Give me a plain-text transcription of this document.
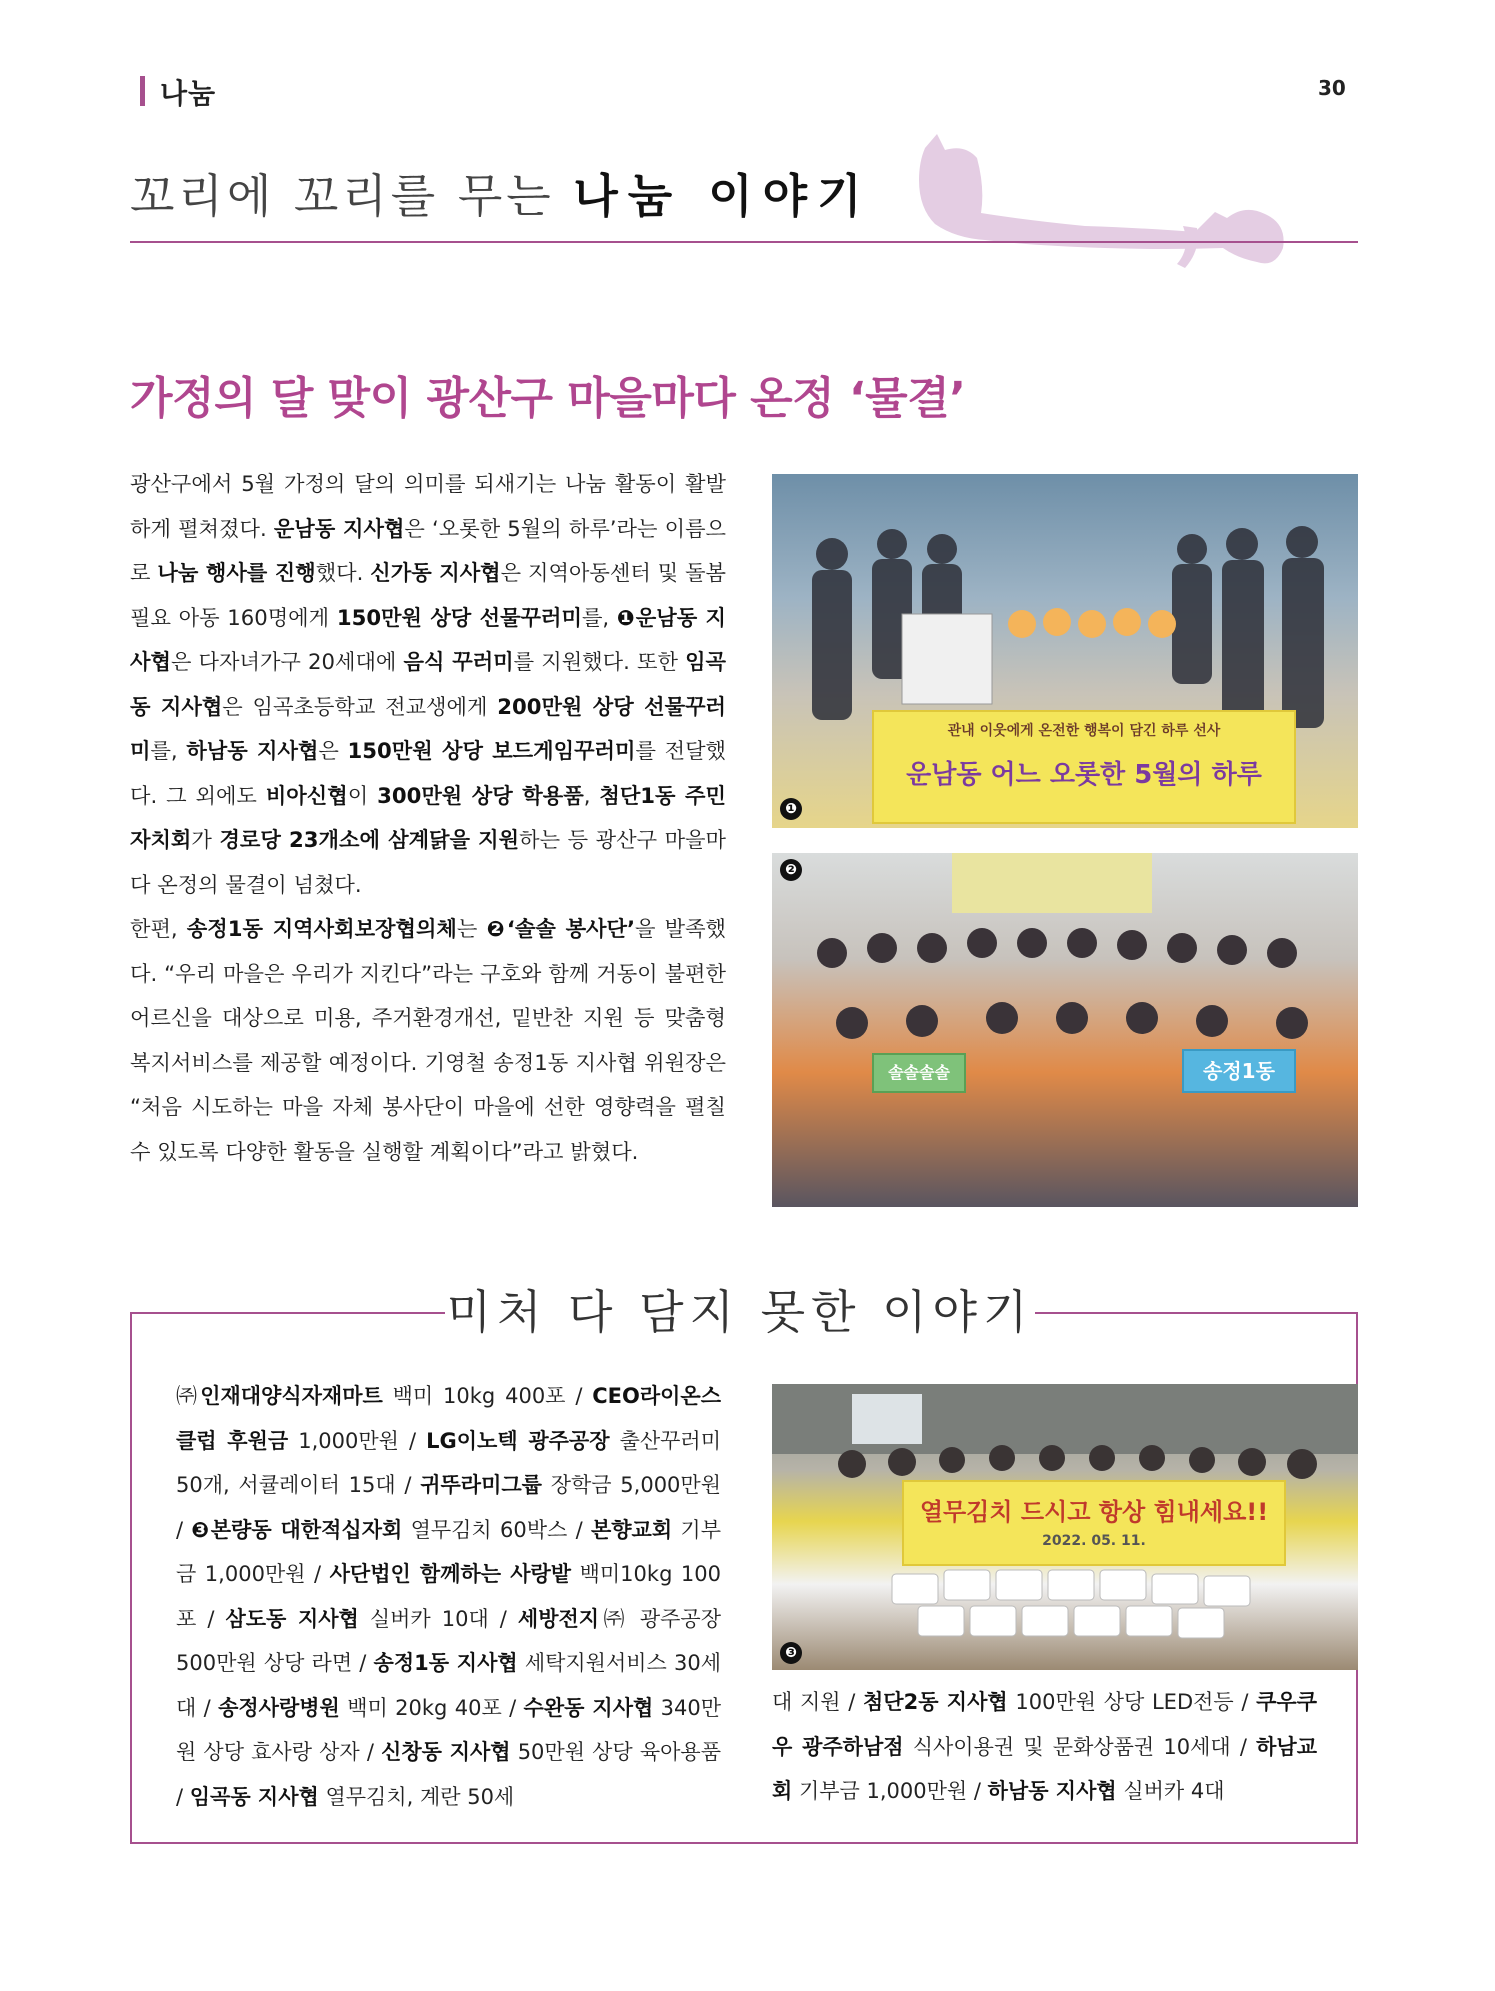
나눔	30
꼬리에 꼬리를 무는 나눔 이야기
가정의 달 맞이 광산구 마을마다 온정 ‘물결’
광산구에서 5월 가정의 달의 의미를 되새기는 나눔 활동이 활발하게 펼쳐졌다. 운남동 지사협은 ‘오롯한 5월의 하루’라는 이름으로 나눔 행사를 진행했다. 신가동 지사협은 지역아동센터 및 돌봄 필요 아동 160명에게 150만원 상당 선물꾸러미를, ❶운남동 지사협은 다자녀가구 20세대에 음식 꾸러미를 지원했다. 또한 임곡동 지사협은 임곡초등학교 전교생에게 200만원 상당 선물꾸러미를, 하남동 지사협은 150만원 상당 보드게임꾸러미를 전달했다. 그 외에도 비아신협이 300만원 상당 학용품, 첨단1동 주민자치회가 경로당 23개소에 삼계닭을 지원하는 등 광산구 마을마다 온정의 물결이 넘쳤다.
한편, 송정1동 지역사회보장협의체는 ❷‘솔솔 봉사단’을 발족했다. “우리 마을은 우리가 지킨다”라는 구호와 함께 거동이 불편한 어르신을 대상으로 미용, 주거환경개선, 밑반찬 지원 등 맞춤형 복지서비스를 제공할 예정이다. 기영철 송정1동 지사협 위원장은 “처음 시도하는 마을 자체 봉사단이 마을에 선한 영향력을 펼칠 수 있도록 다양한 활동을 실행할 계획이다”라고 밝혔다.
관내 이웃에게 온전한 행복이 담긴 하루 선사
운남동 어느 오롯한 5월의 하루
❶
솔솔솔솔	송정1동
❷
미처 다 담지 못한 이야기
㈜인재대양식자재마트 백미 10kg 400포 / CEO라이온스클럽 후원금 1,000만원 / LG이노텍 광주공장 출산꾸러미 50개, 서큘레이터 15대 / 귀뚜라미그룹 장학금 5,000만원 / ❸본량동 대한적십자회 열무김치 60박스 / 본향교회 기부금 1,000만원 / 사단법인 함께하는 사랑밭 백미10kg 100포 / 삼도동 지사협 실버카 10대 / 세방전지㈜ 광주공장 500만원 상당 라면 / 송정1동 지사협 세탁지원서비스 30세대 / 송정사랑병원 백미 20kg 40포 / 수완동 지사협 340만원 상당 효사랑 상자 / 신창동 지사협 50만원 상당 육아용품 / 임곡동 지사협 열무김치, 계란 50세
열무김치 드시고 항상 힘내세요!!
2022. 05. 11.
❸
대 지원 / 첨단2동 지사협 100만원 상당 LED전등 / 쿠우쿠우 광주하남점 식사이용권 및 문화상품권 10세대 / 하남교회 기부금 1,000만원 / 하남동 지사협 실버카 4대
